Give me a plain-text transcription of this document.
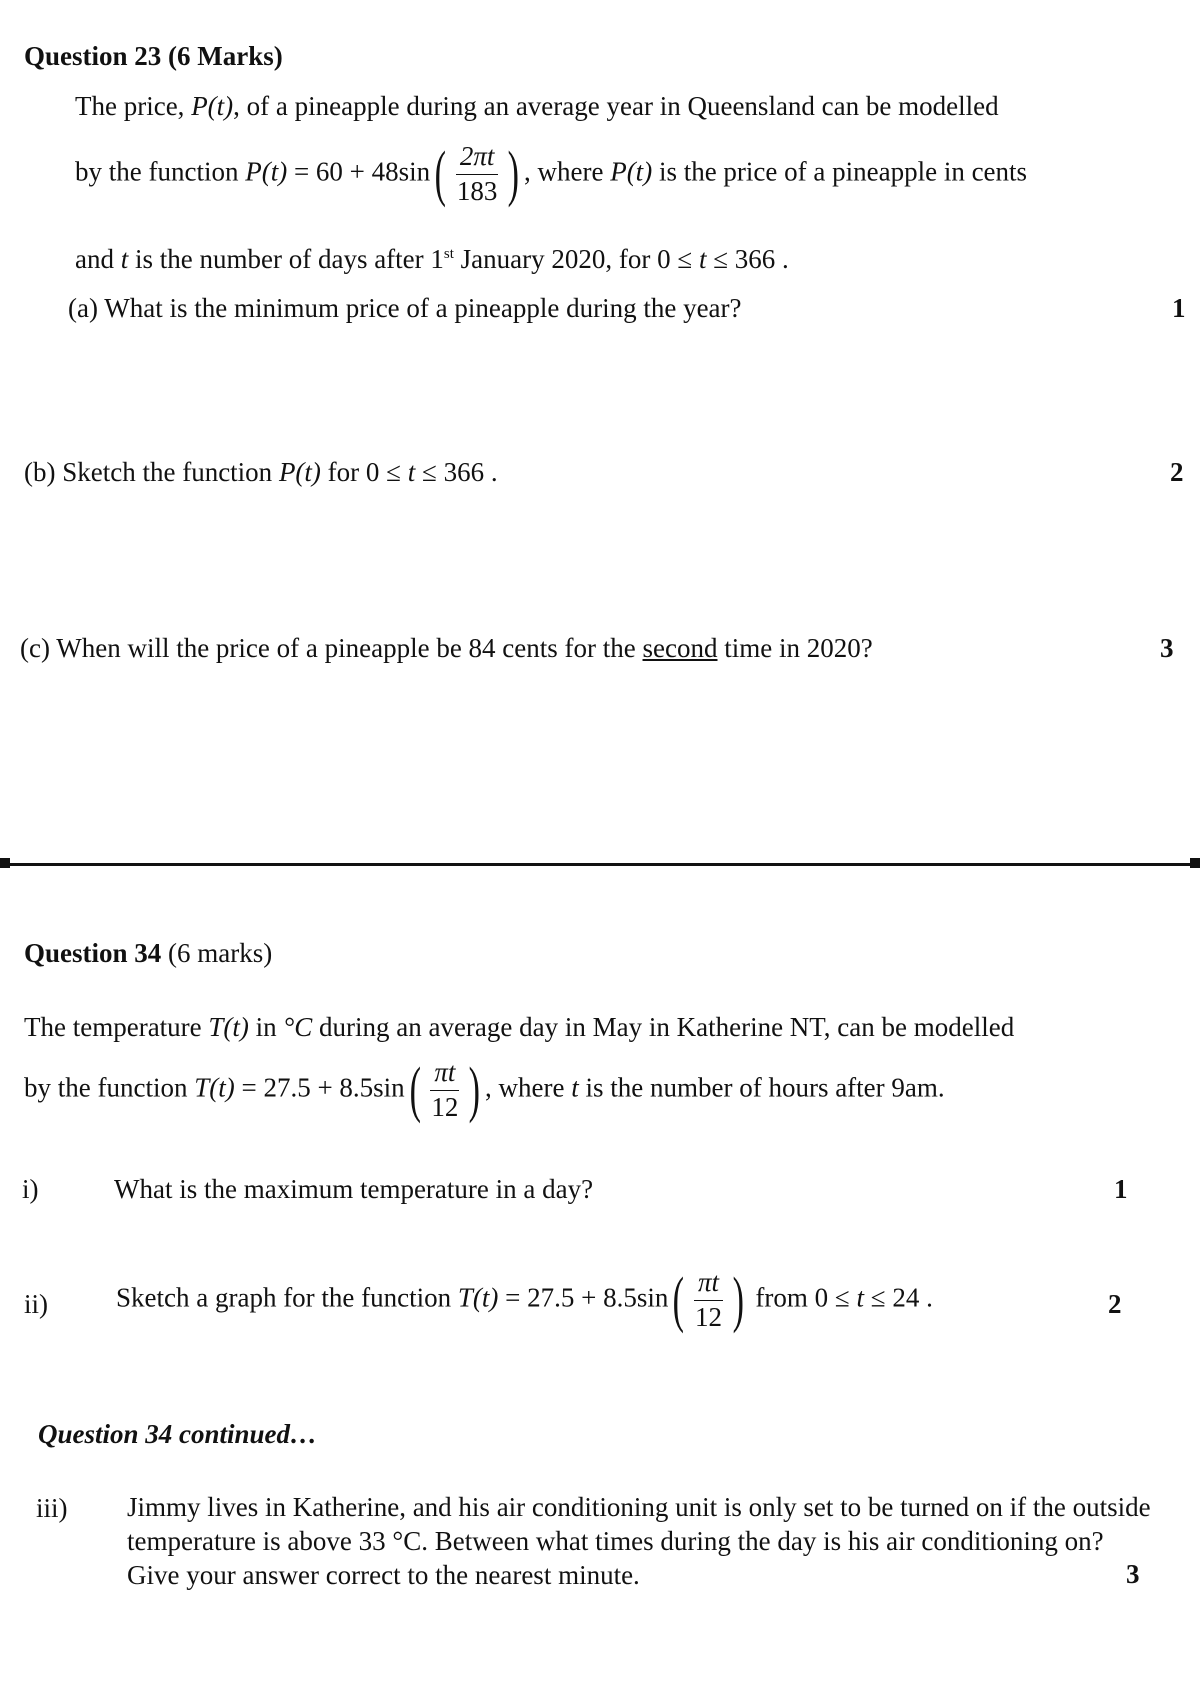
Question 23 (6 Marks)
The price, P(t), of a pineapple during an average year in Queensland can be modelled
by the function $P(t) = 60 + 48\sin( \frac{2\pi t}{183}$ ) , where P(t) is the price of a pineapple in cents
and t is the number of days after 1st January 2020, for 0 ≤ t ≤ 366 .
(a) What is the minimum price of a pineapple during the year?	1
(b) Sketch the function P(t) for 0 ≤ t ≤ 366 .	2
(c) When will the price of a pineapple be 84 cents for the second time in 2020?	3
Question 34 (6 marks)
The temperature T(t) in °C during an average day in May in Katherine NT, can be modelled
by the function $T(t) = 27.5 + 8.5\sin( \frac{\pi t}{12}$ ) , where t is the number of hours after 9am.
i)	What is the maximum temperature in a day?	1
ii)	Sketch a graph for the function $T(t) = 27.5 + 8.5\sin( \frac{\pi t}{12}$ ) from 0 ≤ t ≤ 24 .	2
Question 34 continued…
iii) Jimmy lives in Katherine, and his air conditioning unit is only set to be turned on if the outside temperature is above 33 °C. Between what times during the day is his air conditioning on? Give your answer correct to the nearest minute.	3
